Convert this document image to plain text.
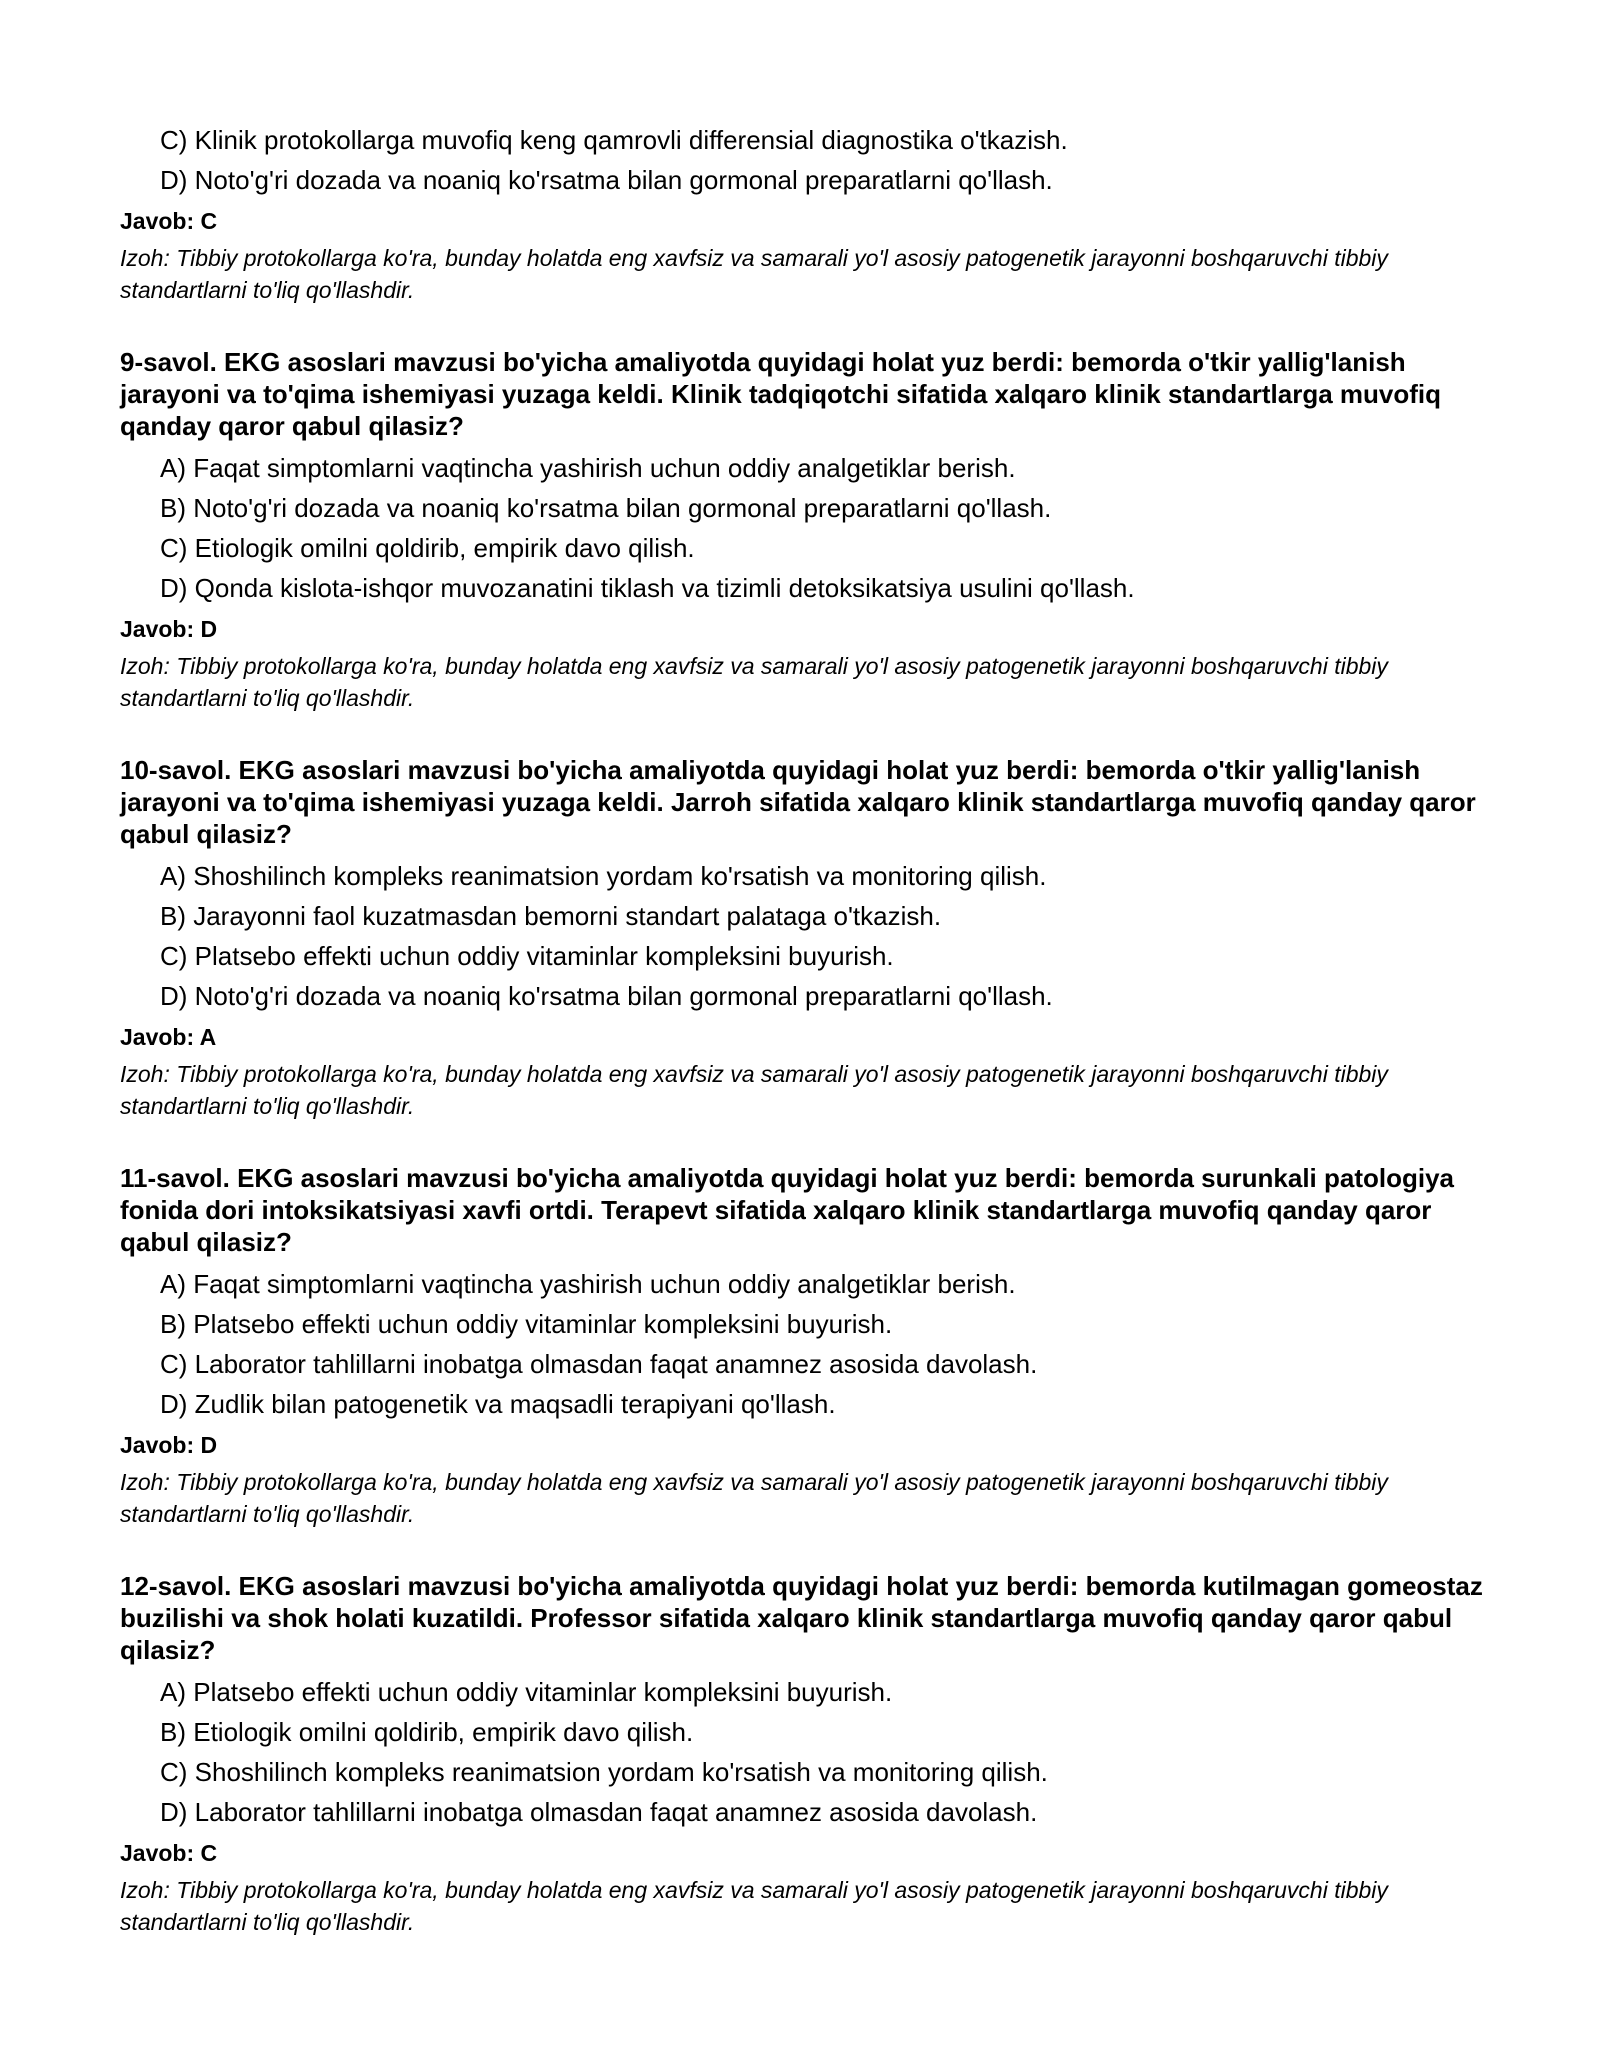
C) Klinik protokollarga muvofiq keng qamrovli differensial diagnostika o'tkazish.
D) Noto'g'ri dozada va noaniq ko'rsatma bilan gormonal preparatlarni qo'llash.
Javob: C
Izoh: Tibbiy protokollarga ko'ra, bunday holatda eng xavfsiz va samarali yo'l asosiy patogenetik jarayonni boshqaruvchi tibbiy standartlarni to'liq qo'llashdir.
9-savol. EKG asoslari mavzusi bo'yicha amaliyotda quyidagi holat yuz berdi: bemorda o'tkir yallig'lanish jarayoni va to'qima ishemiyasi yuzaga keldi. Klinik tadqiqotchi sifatida xalqaro klinik standartlarga muvofiq qanday qaror qabul qilasiz?
A) Faqat simptomlarni vaqtincha yashirish uchun oddiy analgetiklar berish.
B) Noto'g'ri dozada va noaniq ko'rsatma bilan gormonal preparatlarni qo'llash.
C) Etiologik omilni qoldirib, empirik davo qilish.
D) Qonda kislota-ishqor muvozanatini tiklash va tizimli detoksikatsiya usulini qo'llash.
Javob: D
Izoh: Tibbiy protokollarga ko'ra, bunday holatda eng xavfsiz va samarali yo'l asosiy patogenetik jarayonni boshqaruvchi tibbiy standartlarni to'liq qo'llashdir.
10-savol. EKG asoslari mavzusi bo'yicha amaliyotda quyidagi holat yuz berdi: bemorda o'tkir yallig'lanish jarayoni va to'qima ishemiyasi yuzaga keldi. Jarroh sifatida xalqaro klinik standartlarga muvofiq qanday qaror qabul qilasiz?
A) Shoshilinch kompleks reanimatsion yordam ko'rsatish va monitoring qilish.
B) Jarayonni faol kuzatmasdan bemorni standart palataga o'tkazish.
C) Platsebo effekti uchun oddiy vitaminlar kompleksini buyurish.
D) Noto'g'ri dozada va noaniq ko'rsatma bilan gormonal preparatlarni qo'llash.
Javob: A
Izoh: Tibbiy protokollarga ko'ra, bunday holatda eng xavfsiz va samarali yo'l asosiy patogenetik jarayonni boshqaruvchi tibbiy standartlarni to'liq qo'llashdir.
11-savol. EKG asoslari mavzusi bo'yicha amaliyotda quyidagi holat yuz berdi: bemorda surunkali patologiya fonida dori intoksikatsiyasi xavfi ortdi. Terapevt sifatida xalqaro klinik standartlarga muvofiq qanday qaror qabul qilasiz?
A) Faqat simptomlarni vaqtincha yashirish uchun oddiy analgetiklar berish.
B) Platsebo effekti uchun oddiy vitaminlar kompleksini buyurish.
C) Laborator tahlillarni inobatga olmasdan faqat anamnez asosida davolash.
D) Zudlik bilan patogenetik va maqsadli terapiyani qo'llash.
Javob: D
Izoh: Tibbiy protokollarga ko'ra, bunday holatda eng xavfsiz va samarali yo'l asosiy patogenetik jarayonni boshqaruvchi tibbiy standartlarni to'liq qo'llashdir.
12-savol. EKG asoslari mavzusi bo'yicha amaliyotda quyidagi holat yuz berdi: bemorda kutilmagan gomeostaz buzilishi va shok holati kuzatildi. Professor sifatida xalqaro klinik standartlarga muvofiq qanday qaror qabul qilasiz?
A) Platsebo effekti uchun oddiy vitaminlar kompleksini buyurish.
B) Etiologik omilni qoldirib, empirik davo qilish.
C) Shoshilinch kompleks reanimatsion yordam ko'rsatish va monitoring qilish.
D) Laborator tahlillarni inobatga olmasdan faqat anamnez asosida davolash.
Javob: C
Izoh: Tibbiy protokollarga ko'ra, bunday holatda eng xavfsiz va samarali yo'l asosiy patogenetik jarayonni boshqaruvchi tibbiy standartlarni to'liq qo'llashdir.
